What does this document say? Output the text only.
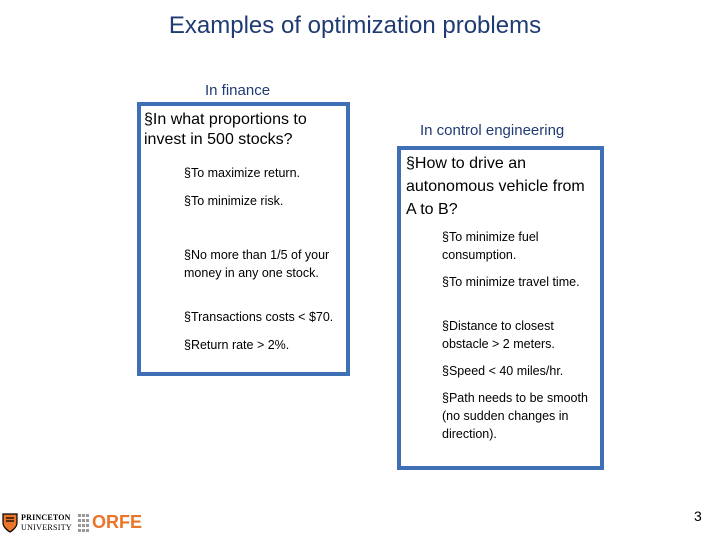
Examples of optimization problems
In finance
§In what proportions to invest in 500 stocks?
§To maximize return.
§To minimize risk.
§No more than 1/5 of your money in any one stock.
§Transactions costs < $70.
§Return rate > 2%.
In control engineering
§How to drive an autonomous vehicle from A to B?
§To minimize fuel consumption.
§To minimize travel time.
§Distance to closest obstacle > 2 meters.
§Speed < 40 miles/hr.
§Path needs to be smooth (no sudden changes in direction).
PRINCETON
UNIVERSITY ORFE	3
